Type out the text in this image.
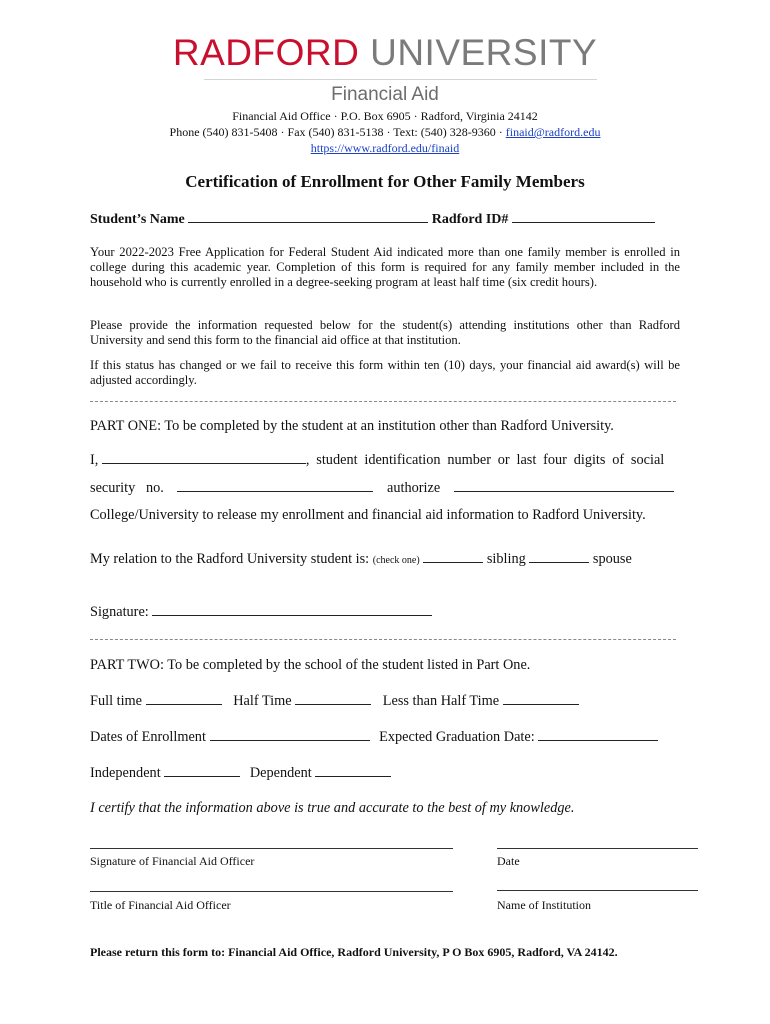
RADFORD UNIVERSITY
Financial Aid
Financial Aid Office · P.O. Box 6905 · Radford, Virginia 24142
Phone (540) 831-5408 · Fax (540) 831-5138 · Text: (540) 328-9360 · finaid@radford.edu
https://www.radford.edu/finaid
Certification of Enrollment for Other Family Members
Student’s Name	Radford ID#
Your 2022-2023 Free Application for Federal Student Aid indicated more than one family member is enrolled in college during this academic year. Completion of this form is required for any family member included in the household who is currently enrolled in a degree-seeking program at least half time (six credit hours).
Please provide the information requested below for the student(s) attending institutions other than Radford University and send this form to the financial aid office at that institution.
If this status has changed or we fail to receive this form within ten (10) days, your financial aid award(s) will be adjusted accordingly.
PART ONE: To be completed by the student at an institution other than Radford University.
I,	, student identification number or last four digits of social
security   no.	authorize
College/University to release my enrollment and financial aid information to Radford University.
My relation to the Radford University student is: (check one)	sibling	spouse
Signature:
PART TWO: To be completed by the school of the student listed in Part One.
Full time	Half Time	Less than Half Time
Dates of Enrollment	Expected Graduation Date:
Independent	Dependent
I certify that the information above is true and accurate to the best of my knowledge.
Signature of Financial Aid Officer	Date
Title of Financial Aid Officer	Name of Institution
Please return this form to: Financial Aid Office, Radford University, P O Box 6905, Radford, VA 24142.
